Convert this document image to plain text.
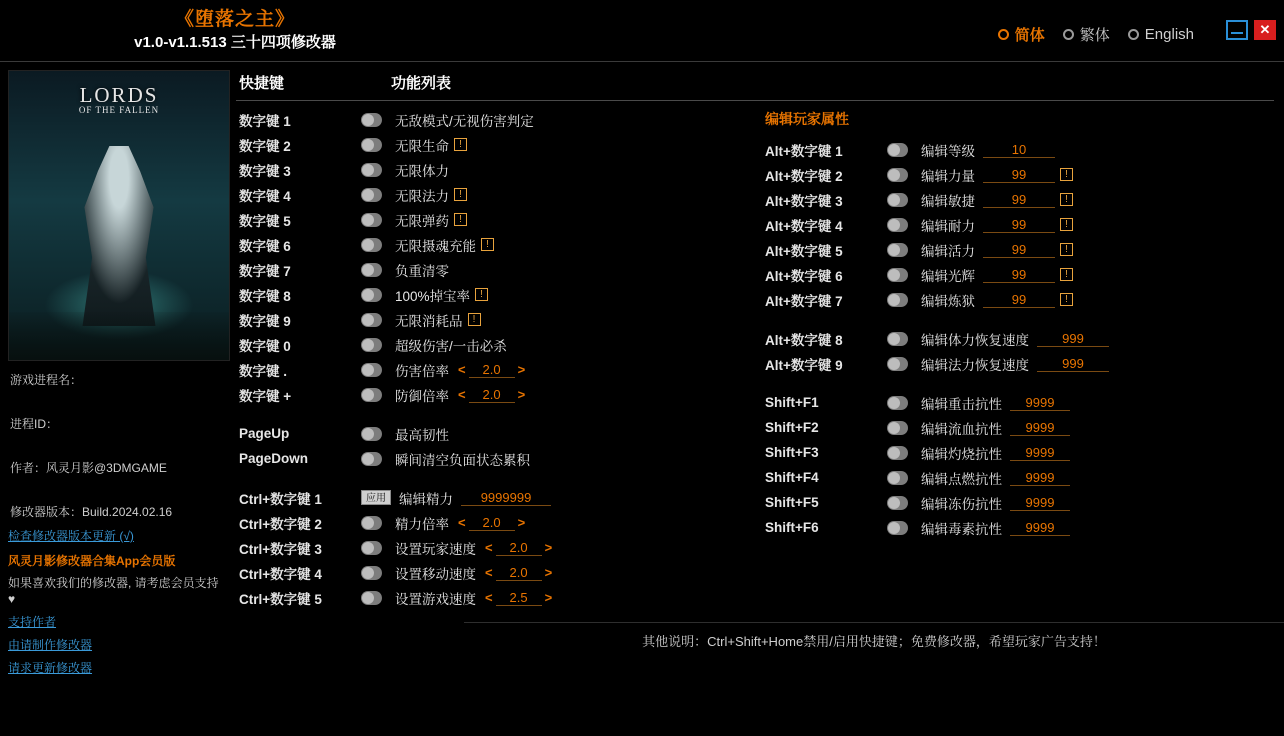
《堕落之主》
v1.0-v1.1.513 三十四项修改器	简体 繁体 English	✕
LORDS
OF THE FALLEN
游戏进程名：
进程ID：
作者：风灵月影@3DMGAME
修改器版本：Build.2024.02.16
检查修改器版本更新 (√)
风灵月影修改器合集App会员版
如果喜欢我们的修改器, 请考虑会员支持 ♥
支持作者
由请制作修改器
请求更新修改器
快捷键	功能列表
数字键 1	无敌模式/无视伤害判定
数字键 2	无限生命	!
数字键 3	无限体力
数字键 4	无限法力	!
数字键 5	无限弹药	!
数字键 6	无限摄魂充能	!
数字键 7	负重清零
数字键 8	100%掉宝率	!
数字键 9	无限消耗品	!
数字键 0	超级伤害/一击必杀
数字键 .	伤害倍率 <	2.0	>
数字键 +	防御倍率 <	2.0	>
PageUp	最高韧性
PageDown	瞬间清空负面状态累积
Ctrl+数字键 1	应用 编辑精力	9999999
Ctrl+数字键 2	精力倍率 <	2.0	>
Ctrl+数字键 3	设置玩家速度 <	2.0	>
Ctrl+数字键 4	设置移动速度 <	2.0	>
Ctrl+数字键 5	设置游戏速度 <	2.5	>
编辑玩家属性
Alt+数字键 1	编辑等级	10
Alt+数字键 2	编辑力量	99	!
Alt+数字键 3	编辑敏捷	99	!
Alt+数字键 4	编辑耐力	99	!
Alt+数字键 5	编辑活力	99	!
Alt+数字键 6	编辑光辉	99	!
Alt+数字键 7	编辑炼狱	99	!
Alt+数字键 8	编辑体力恢复速度	999
Alt+数字键 9	编辑法力恢复速度	999
Shift+F1	编辑重击抗性	9999
Shift+F2	编辑流血抗性	9999
Shift+F3	编辑灼烧抗性	9999
Shift+F4	编辑点燃抗性	9999
Shift+F5	编辑冻伤抗性	9999
Shift+F6	编辑毒素抗性	9999
其他说明：Ctrl+Shift+Home禁用/启用快捷键；免费修改器，希望玩家广告支持！
